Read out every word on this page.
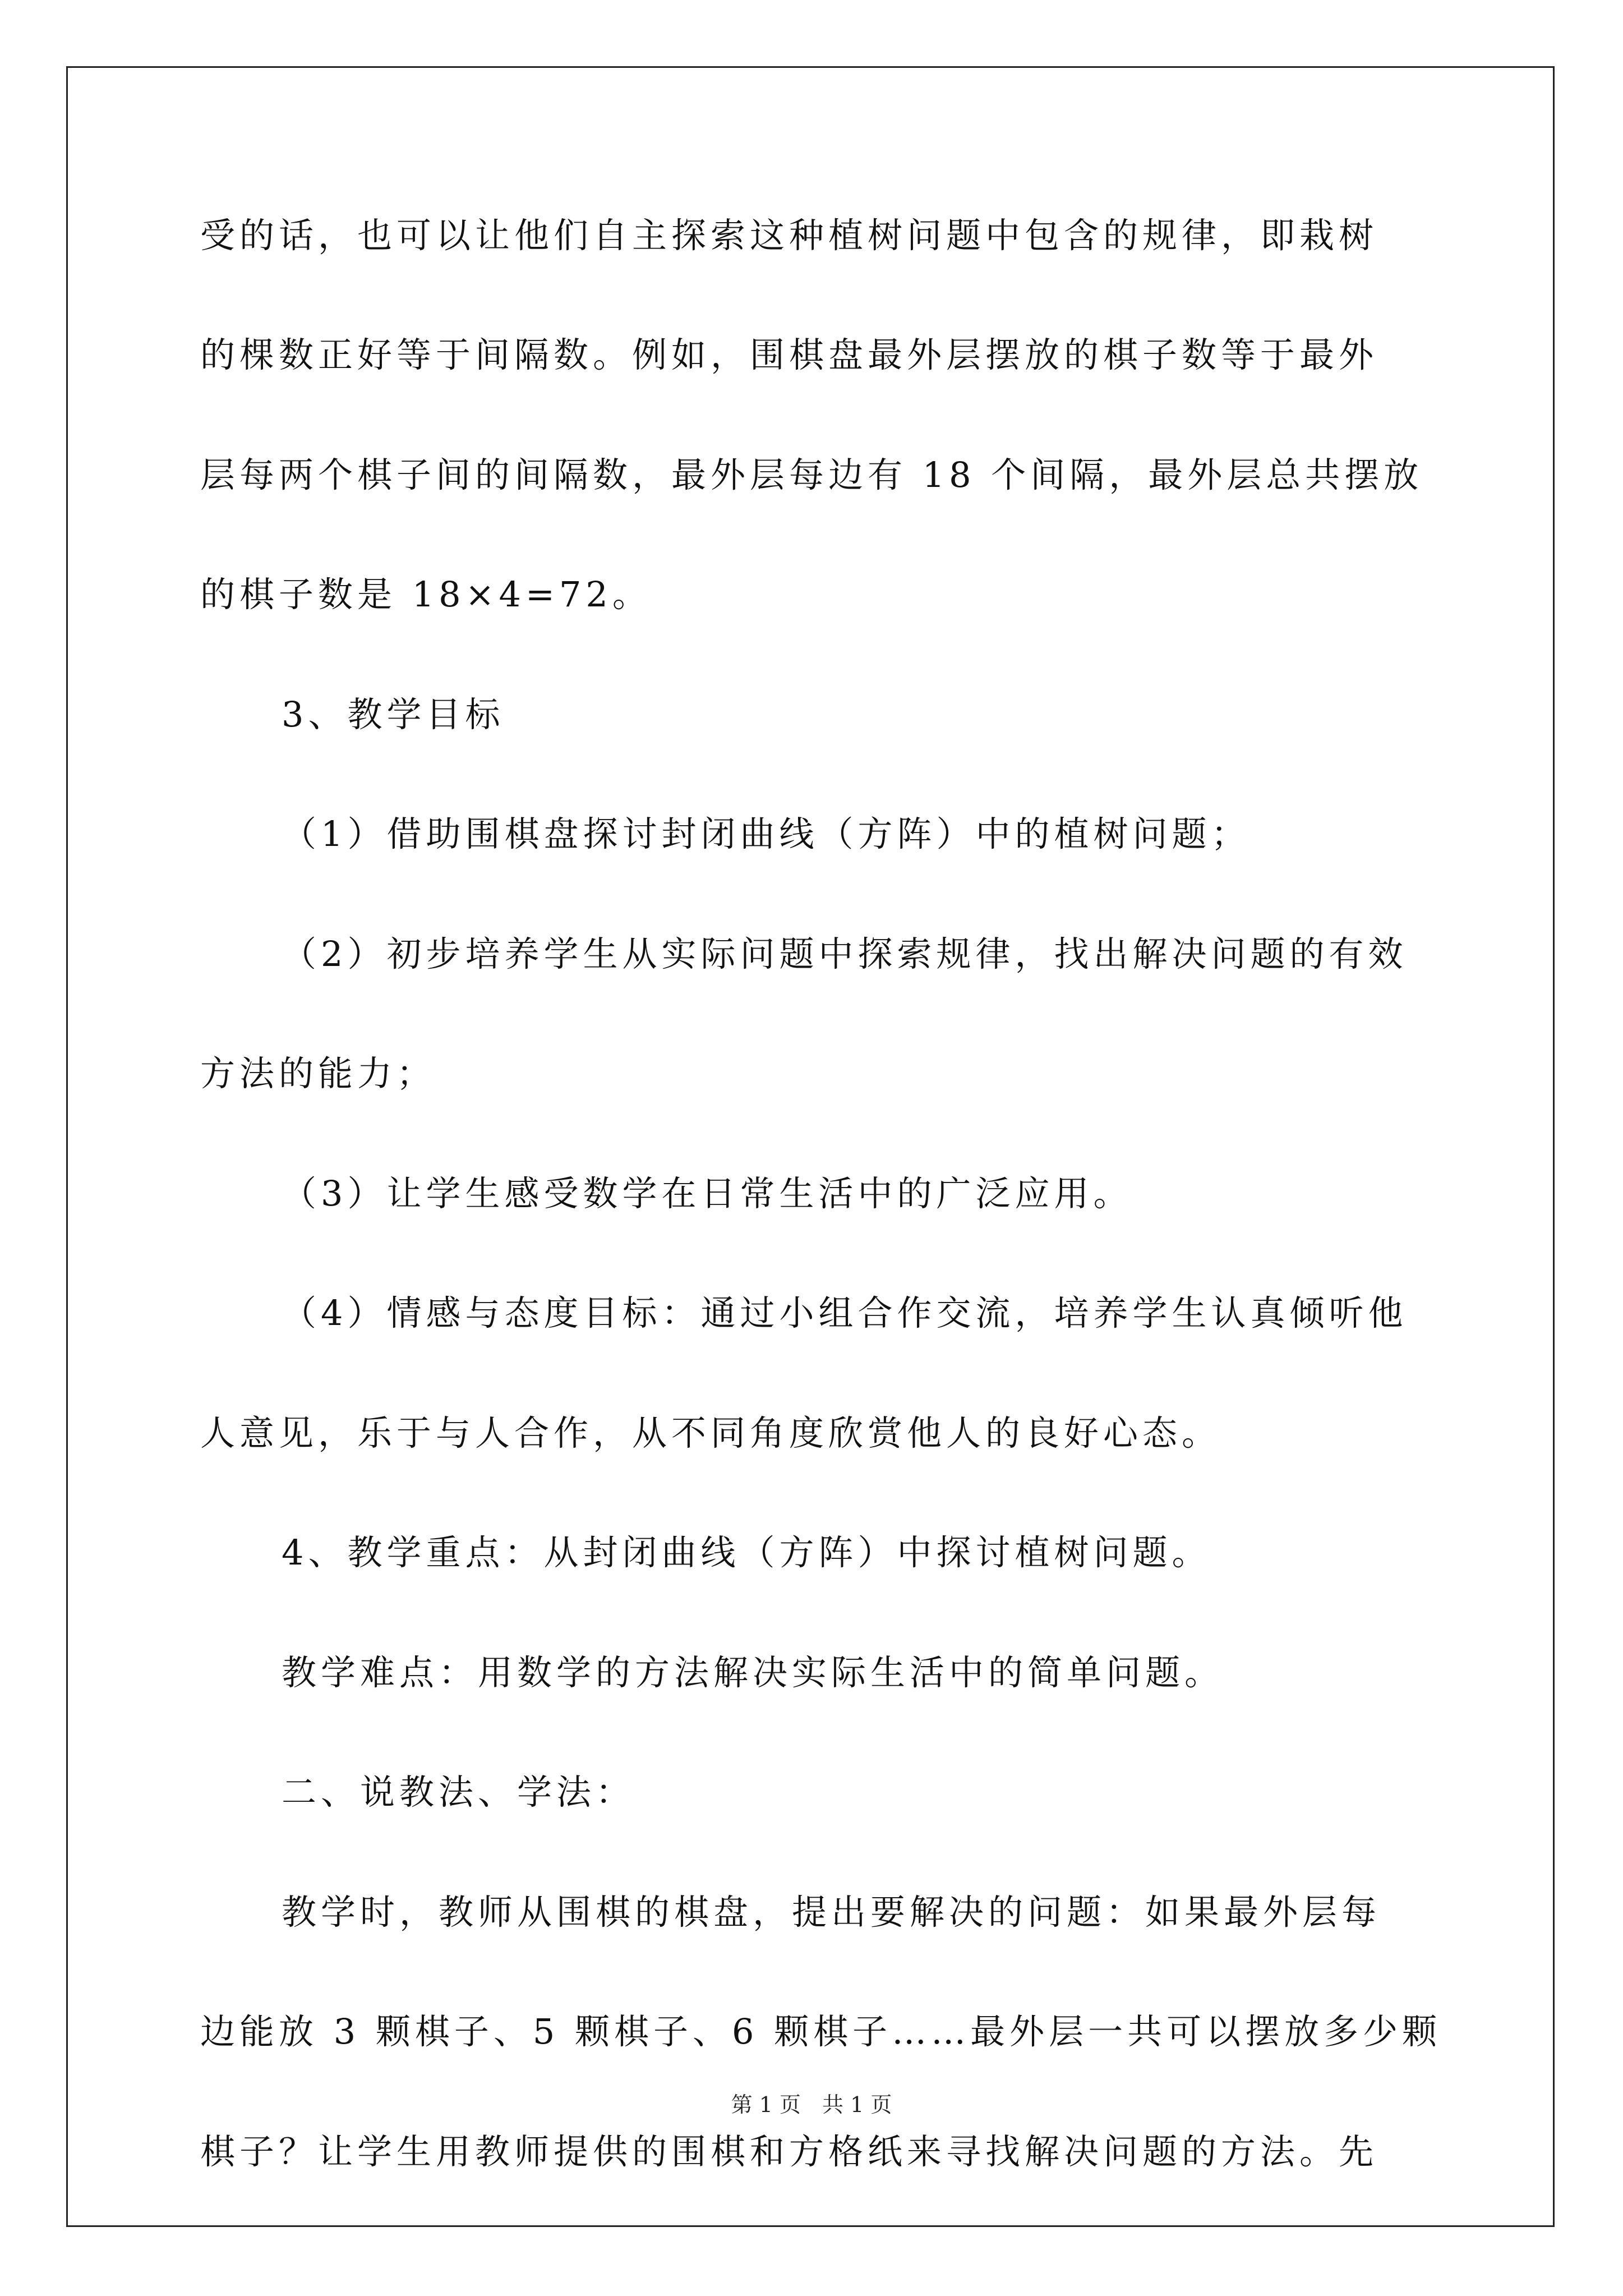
受的话，也可以让他们自主探索这种植树问题中包含的规律，即栽树
的棵数正好等于间隔数。例如，围棋盘最外层摆放的棋子数等于最外
层每两个棋子间的间隔数，最外层每边有 18 个间隔，最外层总共摆放
的棋子数是 18×4=72。
3、教学目标
（1）借助围棋盘探讨封闭曲线（方阵）中的植树问题；
（2）初步培养学生从实际问题中探索规律，找出解决问题的有效
方法的能力；
（3）让学生感受数学在日常生活中的广泛应用。
（4）情感与态度目标：通过小组合作交流，培养学生认真倾听他
人意见，乐于与人合作，从不同角度欣赏他人的良好心态。
4、教学重点：从封闭曲线（方阵）中探讨植树问题。
教学难点：用数学的方法解决实际生活中的简单问题。
二、说教法、学法：
教学时，教师从围棋的棋盘，提出要解决的问题：如果最外层每
边能放 3 颗棋子、5 颗棋子、6 颗棋子……最外层一共可以摆放多少颗
棋子？让学生用教师提供的围棋和方格纸来寻找解决问题的方法。先
第 1 页　共 1 页
